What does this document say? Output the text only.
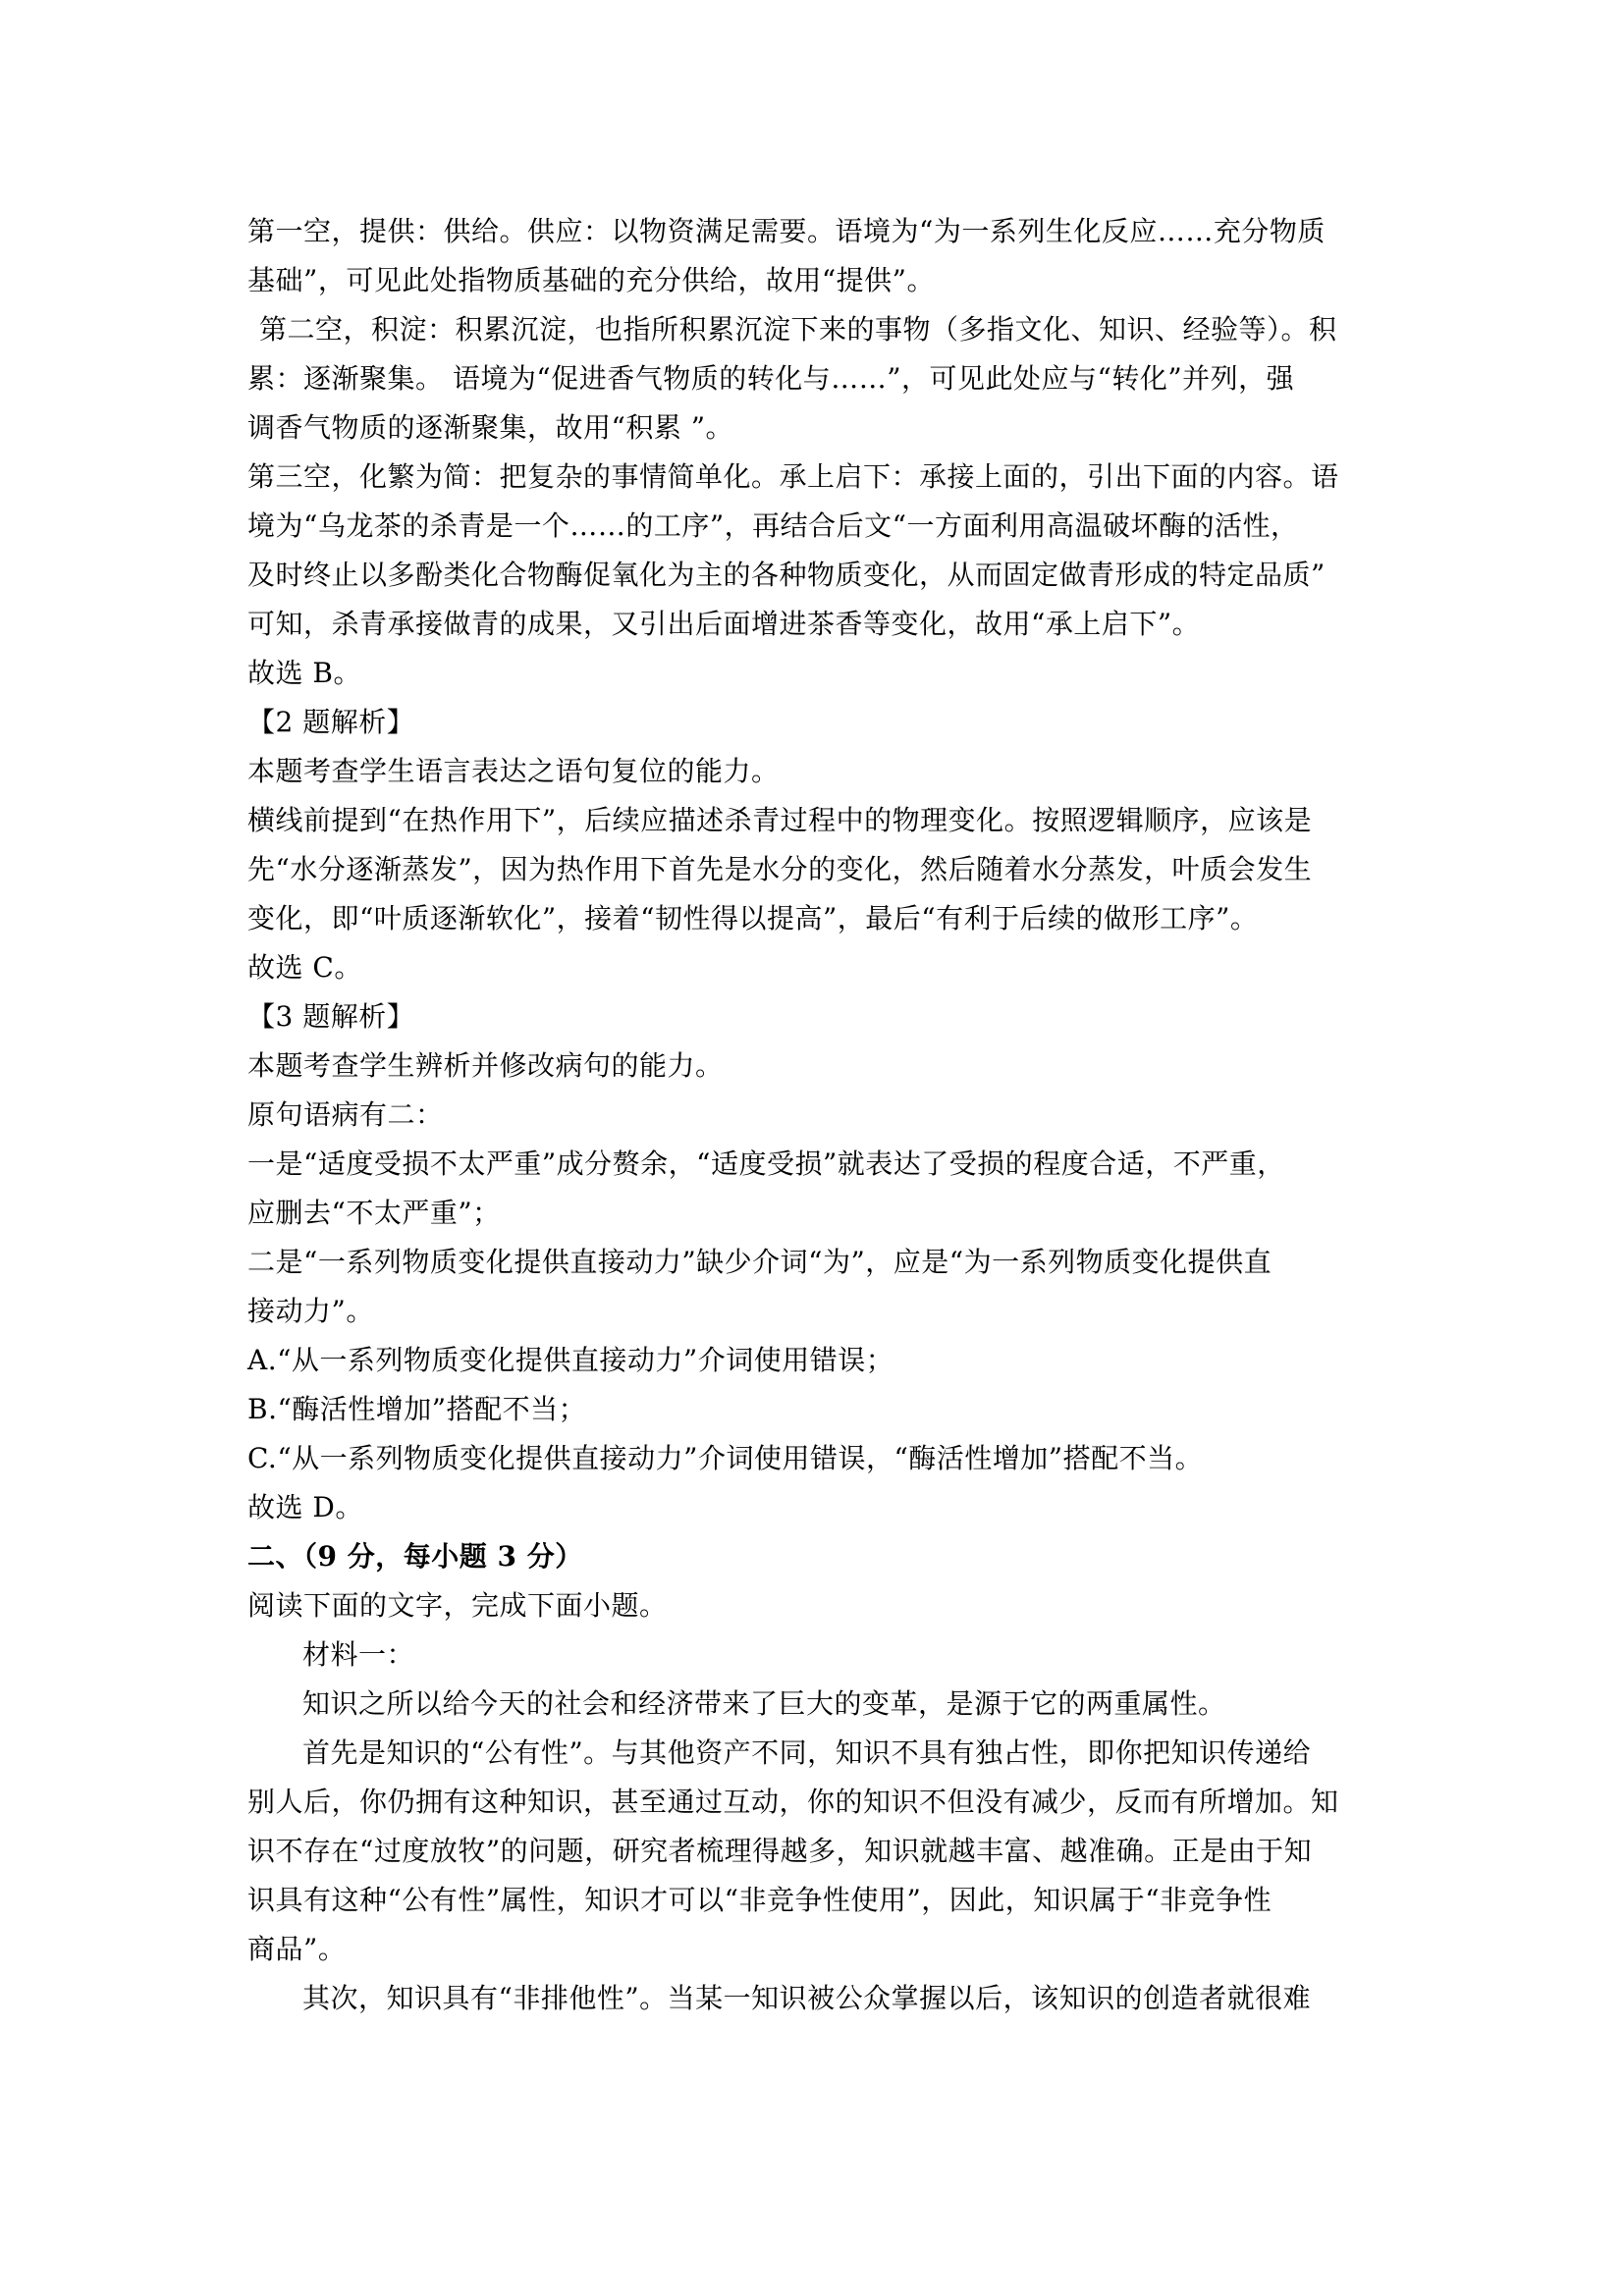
第一空，提供：供给。供应：以物资满足需要。语境为“为一系列生化反应……充分物质
基础”，可见此处指物质基础的充分供给，故用“提供”。
第二空，积淀：积累沉淀，也指所积累沉淀下来的事物（多指文化、知识、经验等）。积
累：逐渐聚集。 语境为“促进香气物质的转化与……”，可见此处应与“转化”并列，强
调香气物质的逐渐聚集，故用“积累 ”。
第三空，化繁为简：把复杂的事情简单化。承上启下：承接上面的，引出下面的内容。语
境为“乌龙茶的杀青是一个……的工序”，再结合后文“一方面利用高温破坏酶的活性，
及时终止以多酚类化合物酶促氧化为主的各种物质变化，从而固定做青形成的特定品质”
可知，杀青承接做青的成果，又引出后面增进茶香等变化，故用“承上启下”。
故选 B。
【2 题解析】
本题考查学生语言表达之语句复位的能力。
横线前提到“在热作用下”，后续应描述杀青过程中的物理变化。按照逻辑顺序，应该是
先“水分逐渐蒸发”，因为热作用下首先是水分的变化，然后随着水分蒸发，叶质会发生
变化，即“叶质逐渐软化”，接着“韧性得以提高”，最后“有利于后续的做形工序”。
故选 C。
【3 题解析】
本题考查学生辨析并修改病句的能力。
原句语病有二：
一是“适度受损不太严重”成分赘余，“适度受损”就表达了受损的程度合适，不严重，
应删去“不太严重”；
二是“一系列物质变化提供直接动力”缺少介词“为”，应是“为一系列物质变化提供直
接动力”。
A.“从一系列物质变化提供直接动力”介词使用错误；
B.“酶活性增加”搭配不当；
C.“从一系列物质变化提供直接动力”介词使用错误，“酶活性增加”搭配不当。
故选 D。
二、（9 分，每小题 3 分）
阅读下面的文字，完成下面小题。
材料一：
知识之所以给今天的社会和经济带来了巨大的变革，是源于它的两重属性。
首先是知识的“公有性”。与其他资产不同，知识不具有独占性，即你把知识传递给
别人后，你仍拥有这种知识，甚至通过互动，你的知识不但没有减少，反而有所增加。知
识不存在“过度放牧”的问题，研究者梳理得越多，知识就越丰富、越准确。正是由于知
识具有这种“公有性”属性，知识才可以“非竞争性使用”，因此，知识属于“非竞争性
商品”。
其次，知识具有“非排他性”。当某一知识被公众掌握以后，该知识的创造者就很难
